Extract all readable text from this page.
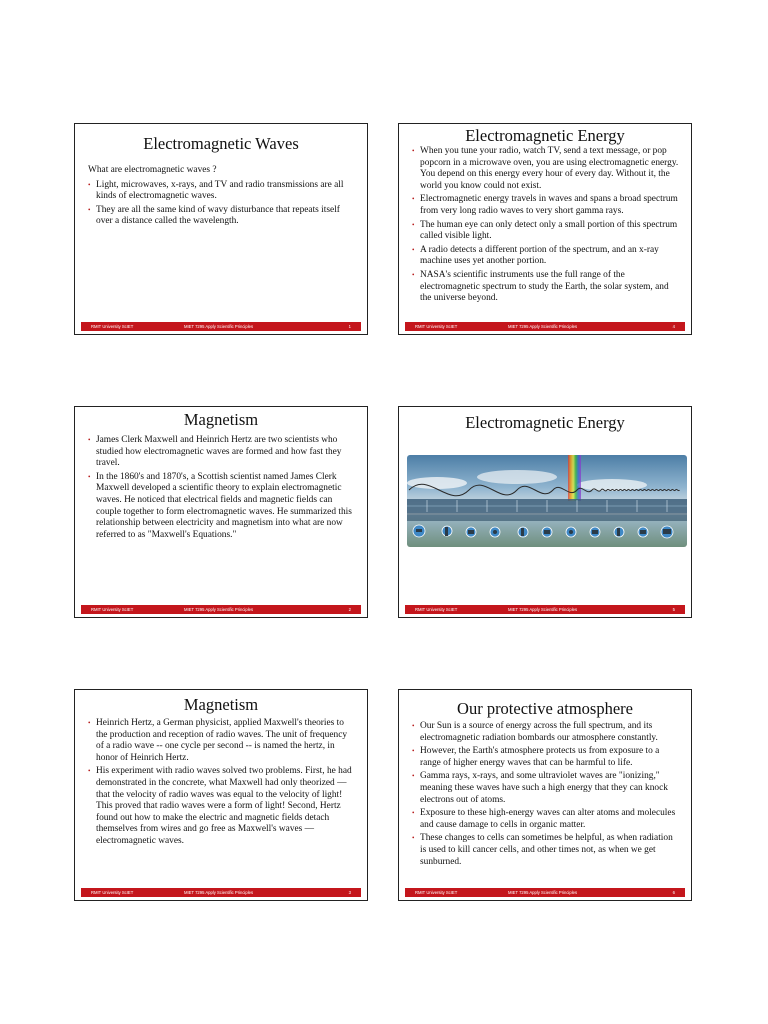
Electromagnetic Waves

What are electromagnetic waves ?

• Light, microwaves, x-rays, and TV and radio transmissions are all kinds of electromagnetic waves.
• They are all the same kind of wavy disturbance that repeats itself over a distance called the wavelength.
RMIT University ScIET	MIET 7295 Apply Scientific Principles	1
Magnetism
• James Clerk Maxwell and Heinrich Hertz are two scientists who studied how electromagnetic waves are formed and how fast they travel.
• In the 1860's and 1870's, a Scottish scientist named James Clerk Maxwell developed a scientific theory to explain electromagnetic waves. He noticed that electrical fields and magnetic fields can couple together to form electromagnetic waves. He summarized this relationship between electricity and magnetism into what are now referred to as "Maxwell's Equations."
RMIT University ScIET	MIET 7295 Apply Scientific Principles	2
Magnetism
• Heinrich Hertz, a German physicist, applied Maxwell's theories to the production and reception of radio waves. The unit of frequency of a radio wave -- one cycle per second -- is named the hertz, in honor of Heinrich Hertz.
• His experiment with radio waves solved two problems. First, he had demonstrated in the concrete, what Maxwell had only theorized — that the velocity of radio waves was equal to the velocity of light! This proved that radio waves were a form of light! Second, Hertz found out how to make the electric and magnetic fields detach themselves from wires and go free as Maxwell's waves — electromagnetic waves.
RMIT University ScIET	MIET 7295 Apply Scientific Principles	3
Electromagnetic Energy
• When you tune your radio, watch TV, send a text message, or pop popcorn in a microwave oven, you are using electromagnetic energy. You depend on this energy every hour of every day. Without it, the world you know could not exist.
• Electromagnetic energy travels in waves and spans a broad spectrum from very long radio waves to very short gamma rays.
• The human eye can only detect only a small portion of this spectrum called visible light.
• A radio detects a different portion of the spectrum, and an x-ray machine uses yet another portion.
• NASA's scientific instruments use the full range of the electromagnetic spectrum to study the Earth, the solar system, and the universe beyond.
RMIT University ScIET	MIET 7295 Apply Scientific Principles	4
Electromagnetic Energy
RMIT University ScIET	MIET 7295 Apply Scientific Principles	5
Our protective atmosphere
• Our Sun is a source of energy across the full spectrum, and its electromagnetic radiation bombards our atmosphere constantly.
• However, the Earth's atmosphere protects us from exposure to a range of higher energy waves that can be harmful to life.
• Gamma rays, x-rays, and some ultraviolet waves are "ionizing," meaning these waves have such a high energy that they can knock electrons out of atoms.
• Exposure to these high-energy waves can alter atoms and molecules and cause damage to cells in organic matter.
• These changes to cells can sometimes be helpful, as when radiation is used to kill cancer cells, and other times not, as when we get sunburned.
RMIT University ScIET	MIET 7295 Apply Scientific Principles	6
